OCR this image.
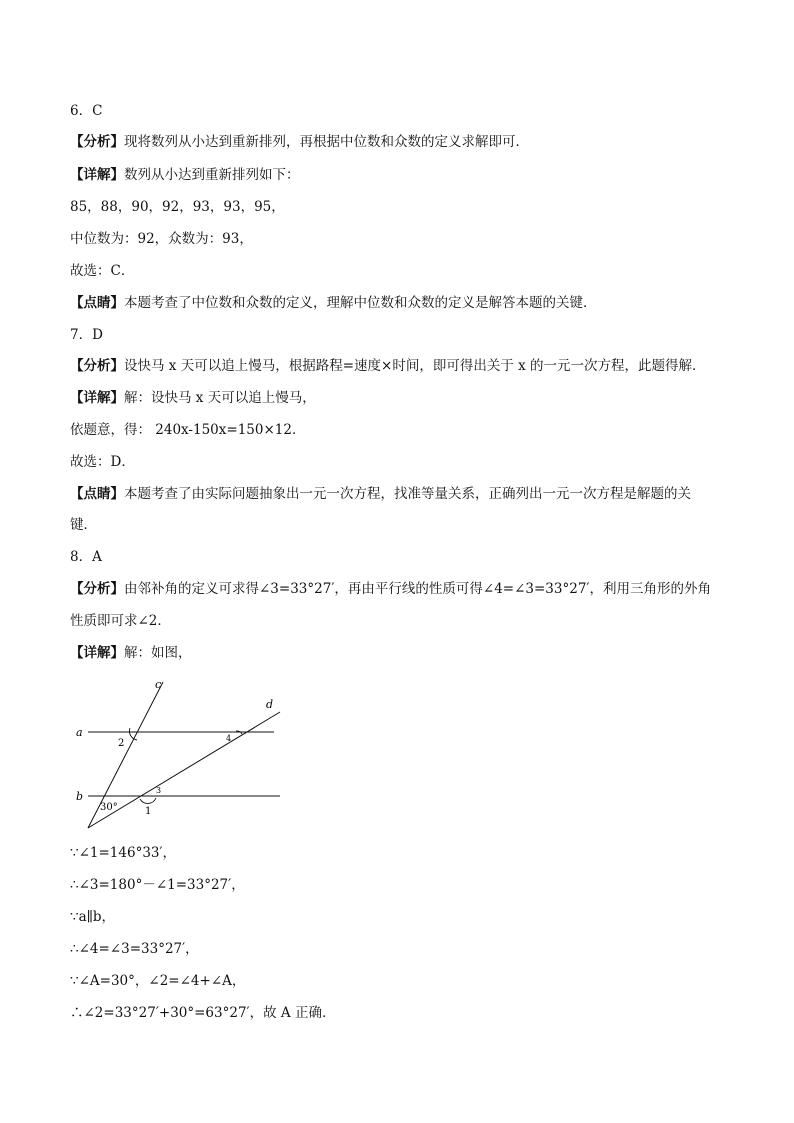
6．C
【分析】现将数列从小达到重新排列，再根据中位数和众数的定义求解即可．
【详解】数列从小达到重新排列如下：
85，88，90，92，93，93，95，
中位数为：92，众数为：93，
故选：C．
【点睛】本题考查了中位数和众数的定义，理解中位数和众数的定义是解答本题的关键．
7．D
【分析】设快马 x 天可以追上慢马，根据路程=速度×时间，即可得出关于 x 的一元一次方程，此题得解．
【详解】解：设快马 x 天可以追上慢马，
依题意，得： 240x-150x=150×12．
故选：D．
【点睛】本题考查了由实际问题抽象出一元一次方程，找准等量关系，正确列出一元一次方程是解题的关
键．
8．A
【分析】由邻补角的定义可求得∠3=33°27′，再由平行线的性质可得∠4=∠3=33°27′，利用三角形的外角
性质即可求∠2．
【详解】解：如图，
a
b
c
d
2
1
3
4
30°
∵∠1=146°33′，
∴∠3=180°－∠1=33°27′，
∵a∥b，
∴∠4=∠3=33°27′，
∵∠A=30°，∠2=∠4+∠A，
∴∠2=33°27′+30°=63°27′，故 A 正确．
